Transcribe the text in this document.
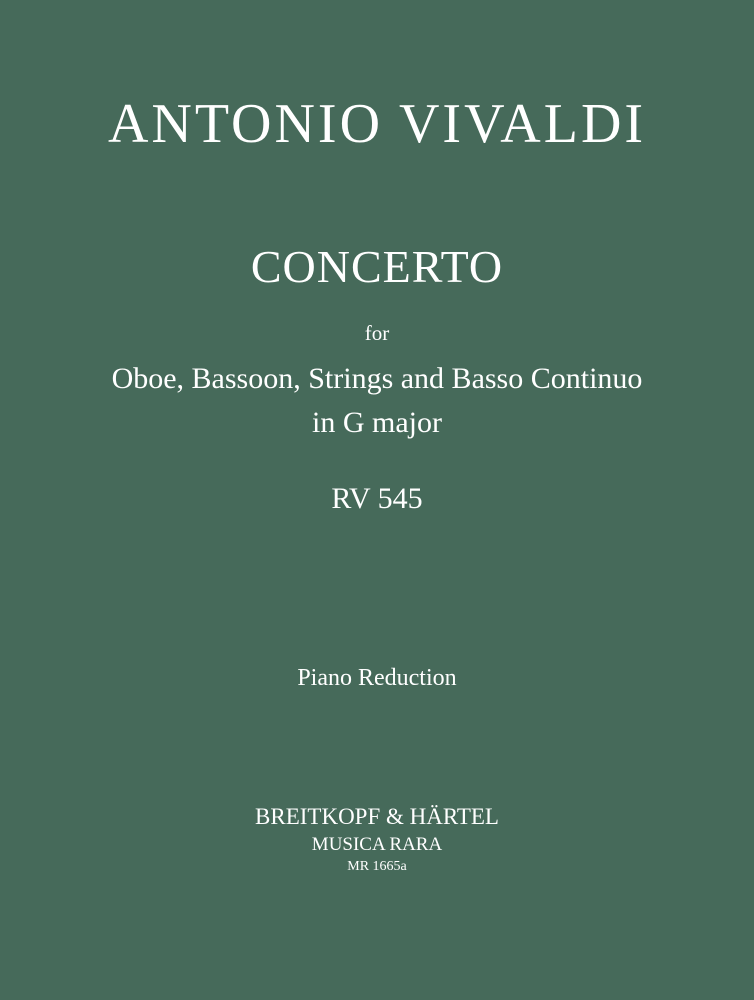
ANTONIO VIVALDI
CONCERTO
for
Oboe, Bassoon, Strings and Basso Continuo
in G major
RV 545
Piano Reduction
BREITKOPF & HÄRTEL
MUSICA RARA
MR 1665a
